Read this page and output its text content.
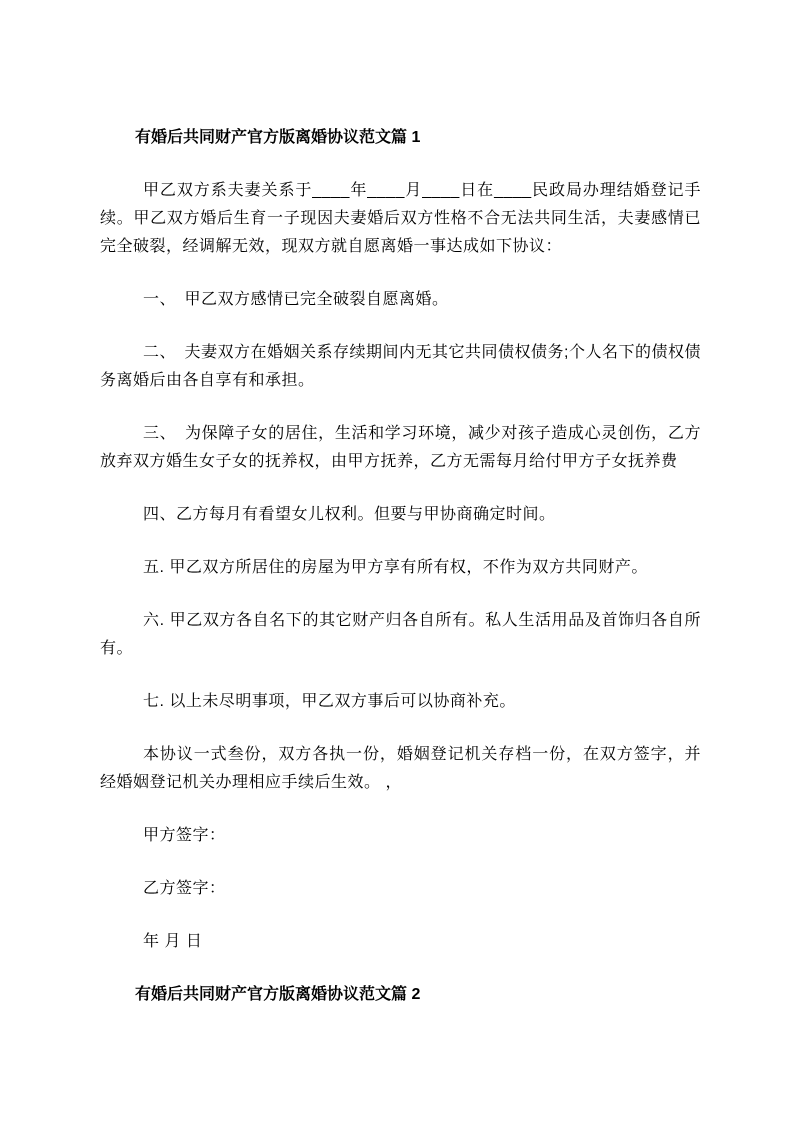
有婚后共同财产官方版离婚协议范文篇 1

甲乙双方系夫妻关系于____年____月____日在____民政局办理结婚登记手续。甲乙双方婚后生育一子现因夫妻婚后双方性格不合无法共同生活，夫妻感情已完全破裂，经调解无效，现双方就自愿离婚一事达成如下协议：

一、　甲乙双方感情已完全破裂自愿离婚。

二、　夫妻双方在婚姻关系存续期间内无其它共同债权债务;个人名下的债权债务离婚后由各自享有和承担。

三、　为保障子女的居住，生活和学习环境，减少对孩子造成心灵创伤，乙方放弃双方婚生女子女的抚养权，由甲方抚养，乙方无需每月给付甲方子女抚养费

四、乙方每月有看望女儿权利。但要与甲协商确定时间。

五. 甲乙双方所居住的房屋为甲方享有所有权，不作为双方共同财产。

六. 甲乙双方各自名下的其它财产归各自所有。私人生活用品及首饰归各自所有。

七. 以上未尽明事项，甲乙双方事后可以协商补充。

本协议一式叁份，双方各执一份，婚姻登记机关存档一份，在双方签字，并经婚姻登记机关办理相应手续后生效。 ，

甲方签字：

乙方签字：

年 月 日

有婚后共同财产官方版离婚协议范文篇 2
